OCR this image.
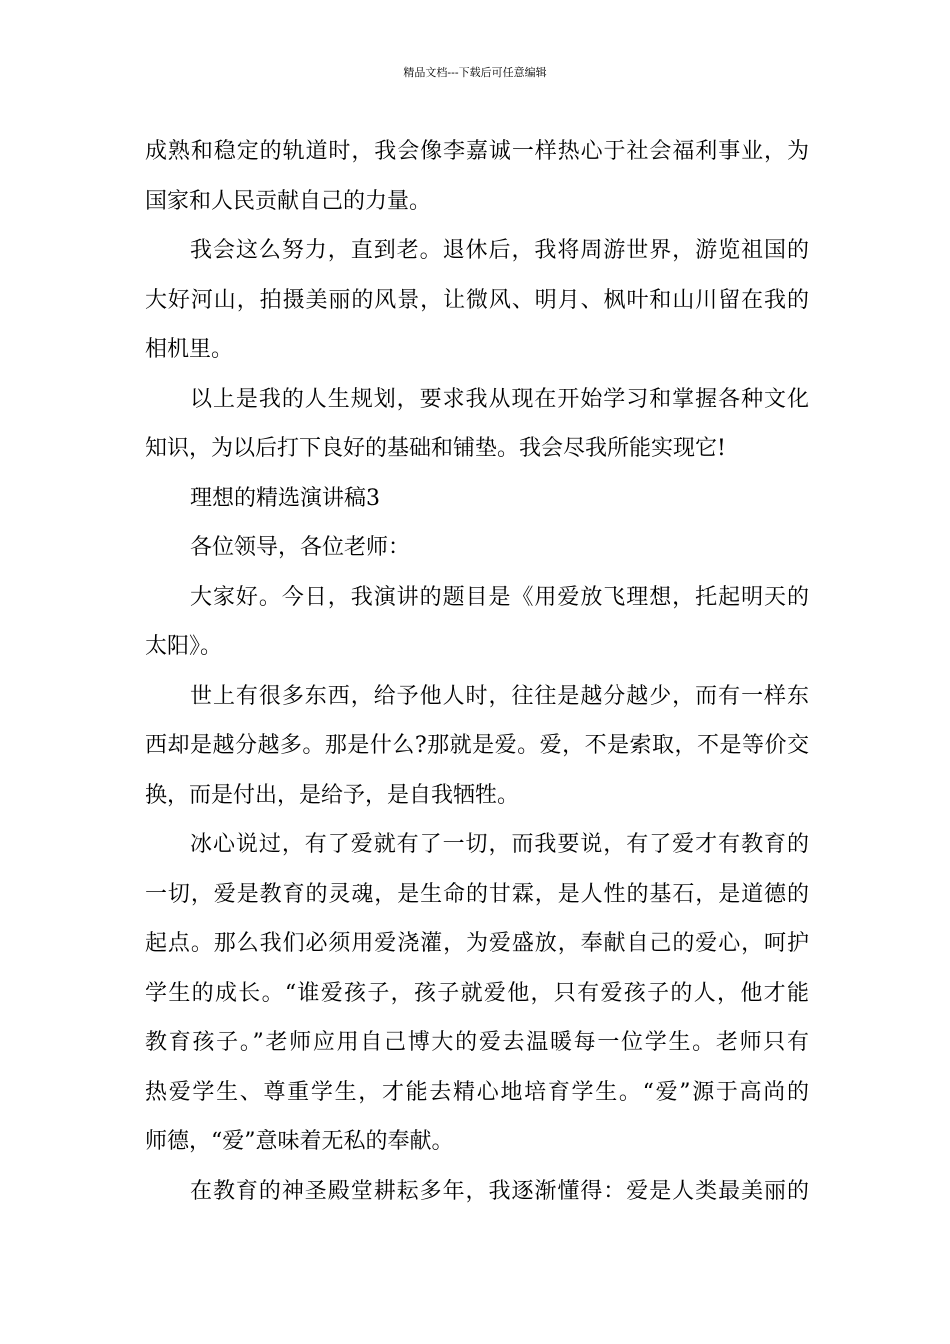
精品文档---下载后可任意编辑
成熟和稳定的轨道时，我会像李嘉诚一样热心于社会福利事业，为
国家和人民贡献自己的力量。
我会这么努力，直到老。退休后，我将周游世界，游览祖国的
大好河山，拍摄美丽的风景，让微风、明月、枫叶和山川留在我的
相机里。
以上是我的人生规划，要求我从现在开始学习和掌握各种文化
知识，为以后打下良好的基础和铺垫。我会尽我所能实现它!
理想的精选演讲稿3
各位领导，各位老师：
大家好。今日，我演讲的题目是《用爱放飞理想，托起明天的
太阳》。
世上有很多东西，给予他人时，往往是越分越少，而有一样东
西却是越分越多。那是什么?那就是爱。爱，不是索取，不是等价交
换，而是付出，是给予，是自我牺牲。
冰心说过，有了爱就有了一切，而我要说，有了爱才有教育的
一切，爱是教育的灵魂，是生命的甘霖，是人性的基石，是道德的
起点。那么我们必须用爱浇灌，为爱盛放，奉献自己的爱心，呵护
学生的成长。“谁爱孩子，孩子就爱他，只有爱孩子的人，他才能
教育孩子。”老师应用自己博大的爱去温暖每一位学生。老师只有
热爱学生、尊重学生，才能去精心地培育学生。“爱”源于高尚的
师德，“爱”意味着无私的奉献。
在教育的神圣殿堂耕耘多年，我逐渐懂得：爱是人类最美丽的
